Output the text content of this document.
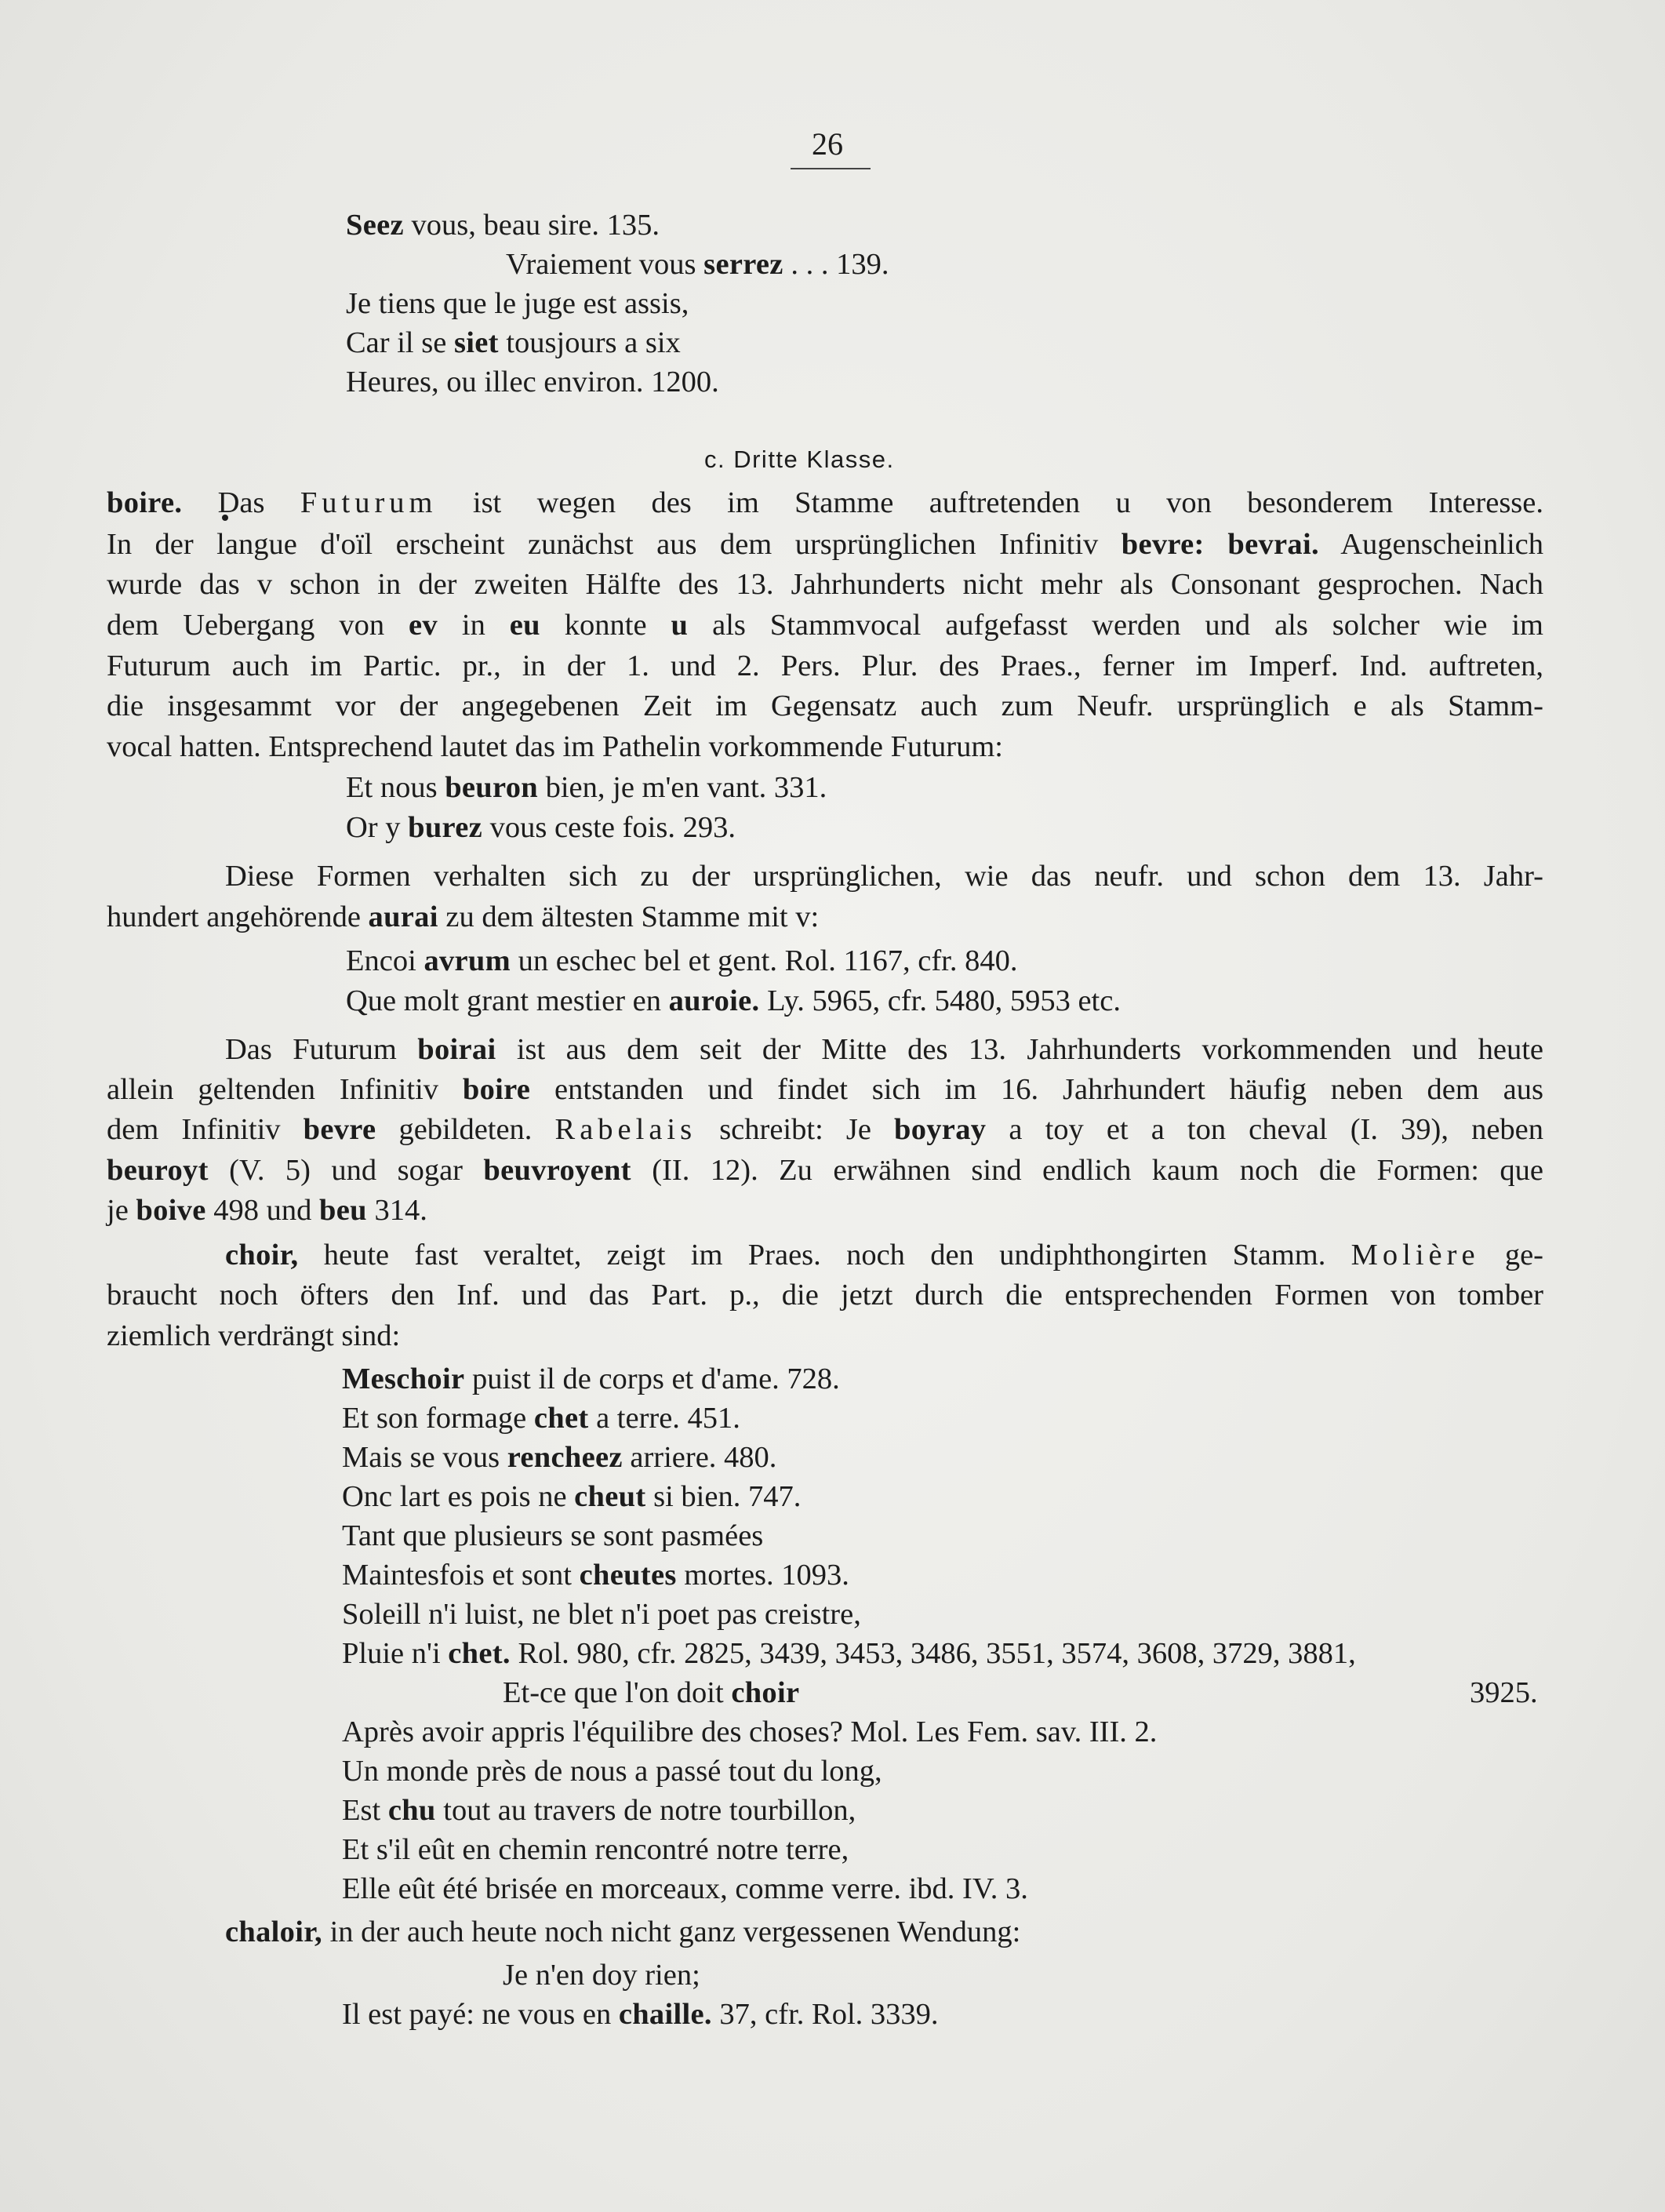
26
Seez vous, beau sire. 135.
Vraiement vous serrez . . . 139.
Je tiens que le juge est assis,
Car il se siet tousjours a six
Heures, ou illec environ. 1200.
c. Dritte Klasse.
boire. Das Futurum ist wegen des im Stamme auftretenden u von besonderem Interesse.
In der langue d'oïl erscheint zunächst aus dem ursprünglichen Infinitiv bevre: bevrai. Augenscheinlich
wurde das v schon in der zweiten Hälfte des 13. Jahrhunderts nicht mehr als Consonant gesprochen. Nach
dem Uebergang von ev in eu konnte u als Stammvocal aufgefasst werden und als solcher wie im
Futurum auch im Partic. pr., in der 1. und 2. Pers. Plur. des Praes., ferner im Imperf. Ind. auftreten,
die insgesammt vor der angegebenen Zeit im Gegensatz auch zum Neufr. ursprünglich e als Stamm-
vocal hatten. Entsprechend lautet das im Pathelin vorkommende Futurum:
Et nous beuron bien, je m'en vant. 331.
Or y burez vous ceste fois. 293.
Diese Formen verhalten sich zu der ursprünglichen, wie das neufr. und schon dem 13. Jahr-
hundert angehörende aurai zu dem ältesten Stamme mit v:
Encoi avrum un eschec bel et gent. Rol. 1167, cfr. 840.
Que molt grant mestier en auroie. Ly. 5965, cfr. 5480, 5953 etc.
Das Futurum boirai ist aus dem seit der Mitte des 13. Jahrhunderts vorkommenden und heute
allein geltenden Infinitiv boire entstanden und findet sich im 16. Jahrhundert häufig neben dem aus
dem Infinitiv bevre gebildeten. Rabelais schreibt: Je boyray a toy et a ton cheval (I. 39), neben
beuroyt (V. 5) und sogar beuvroyent (II. 12). Zu erwähnen sind endlich kaum noch die Formen: que
je boive 498 und beu 314.
choir, heute fast veraltet, zeigt im Praes. noch den undiphthongirten Stamm. Molière ge-
braucht noch öfters den Inf. und das Part. p., die jetzt durch die entsprechenden Formen von tomber
ziemlich verdrängt sind:
Meschoir puist il de corps et d'ame. 728.
Et son formage chet a terre. 451.
Mais se vous rencheez arriere. 480.
Onc lart es pois ne cheut si bien. 747.
Tant que plusieurs se sont pasmées
Maintesfois et sont cheutes mortes. 1093.
Soleill n'i luist, ne blet n'i poet pas creistre,
Pluie n'i chet. Rol. 980, cfr. 2825, 3439, 3453, 3486, 3551, 3574, 3608, 3729, 3881,
Et-ce que l'on doit choir	3925.
Après avoir appris l'équilibre des choses? Mol. Les Fem. sav. III. 2.
Un monde près de nous a passé tout du long,
Est chu tout au travers de notre tourbillon,
Et s'il eût en chemin rencontré notre terre,
Elle eût été brisée en morceaux, comme verre. ibd. IV. 3.
chaloir, in der auch heute noch nicht ganz vergessenen Wendung:
Je n'en doy rien;
Il est payé: ne vous en chaille. 37, cfr. Rol. 3339.
